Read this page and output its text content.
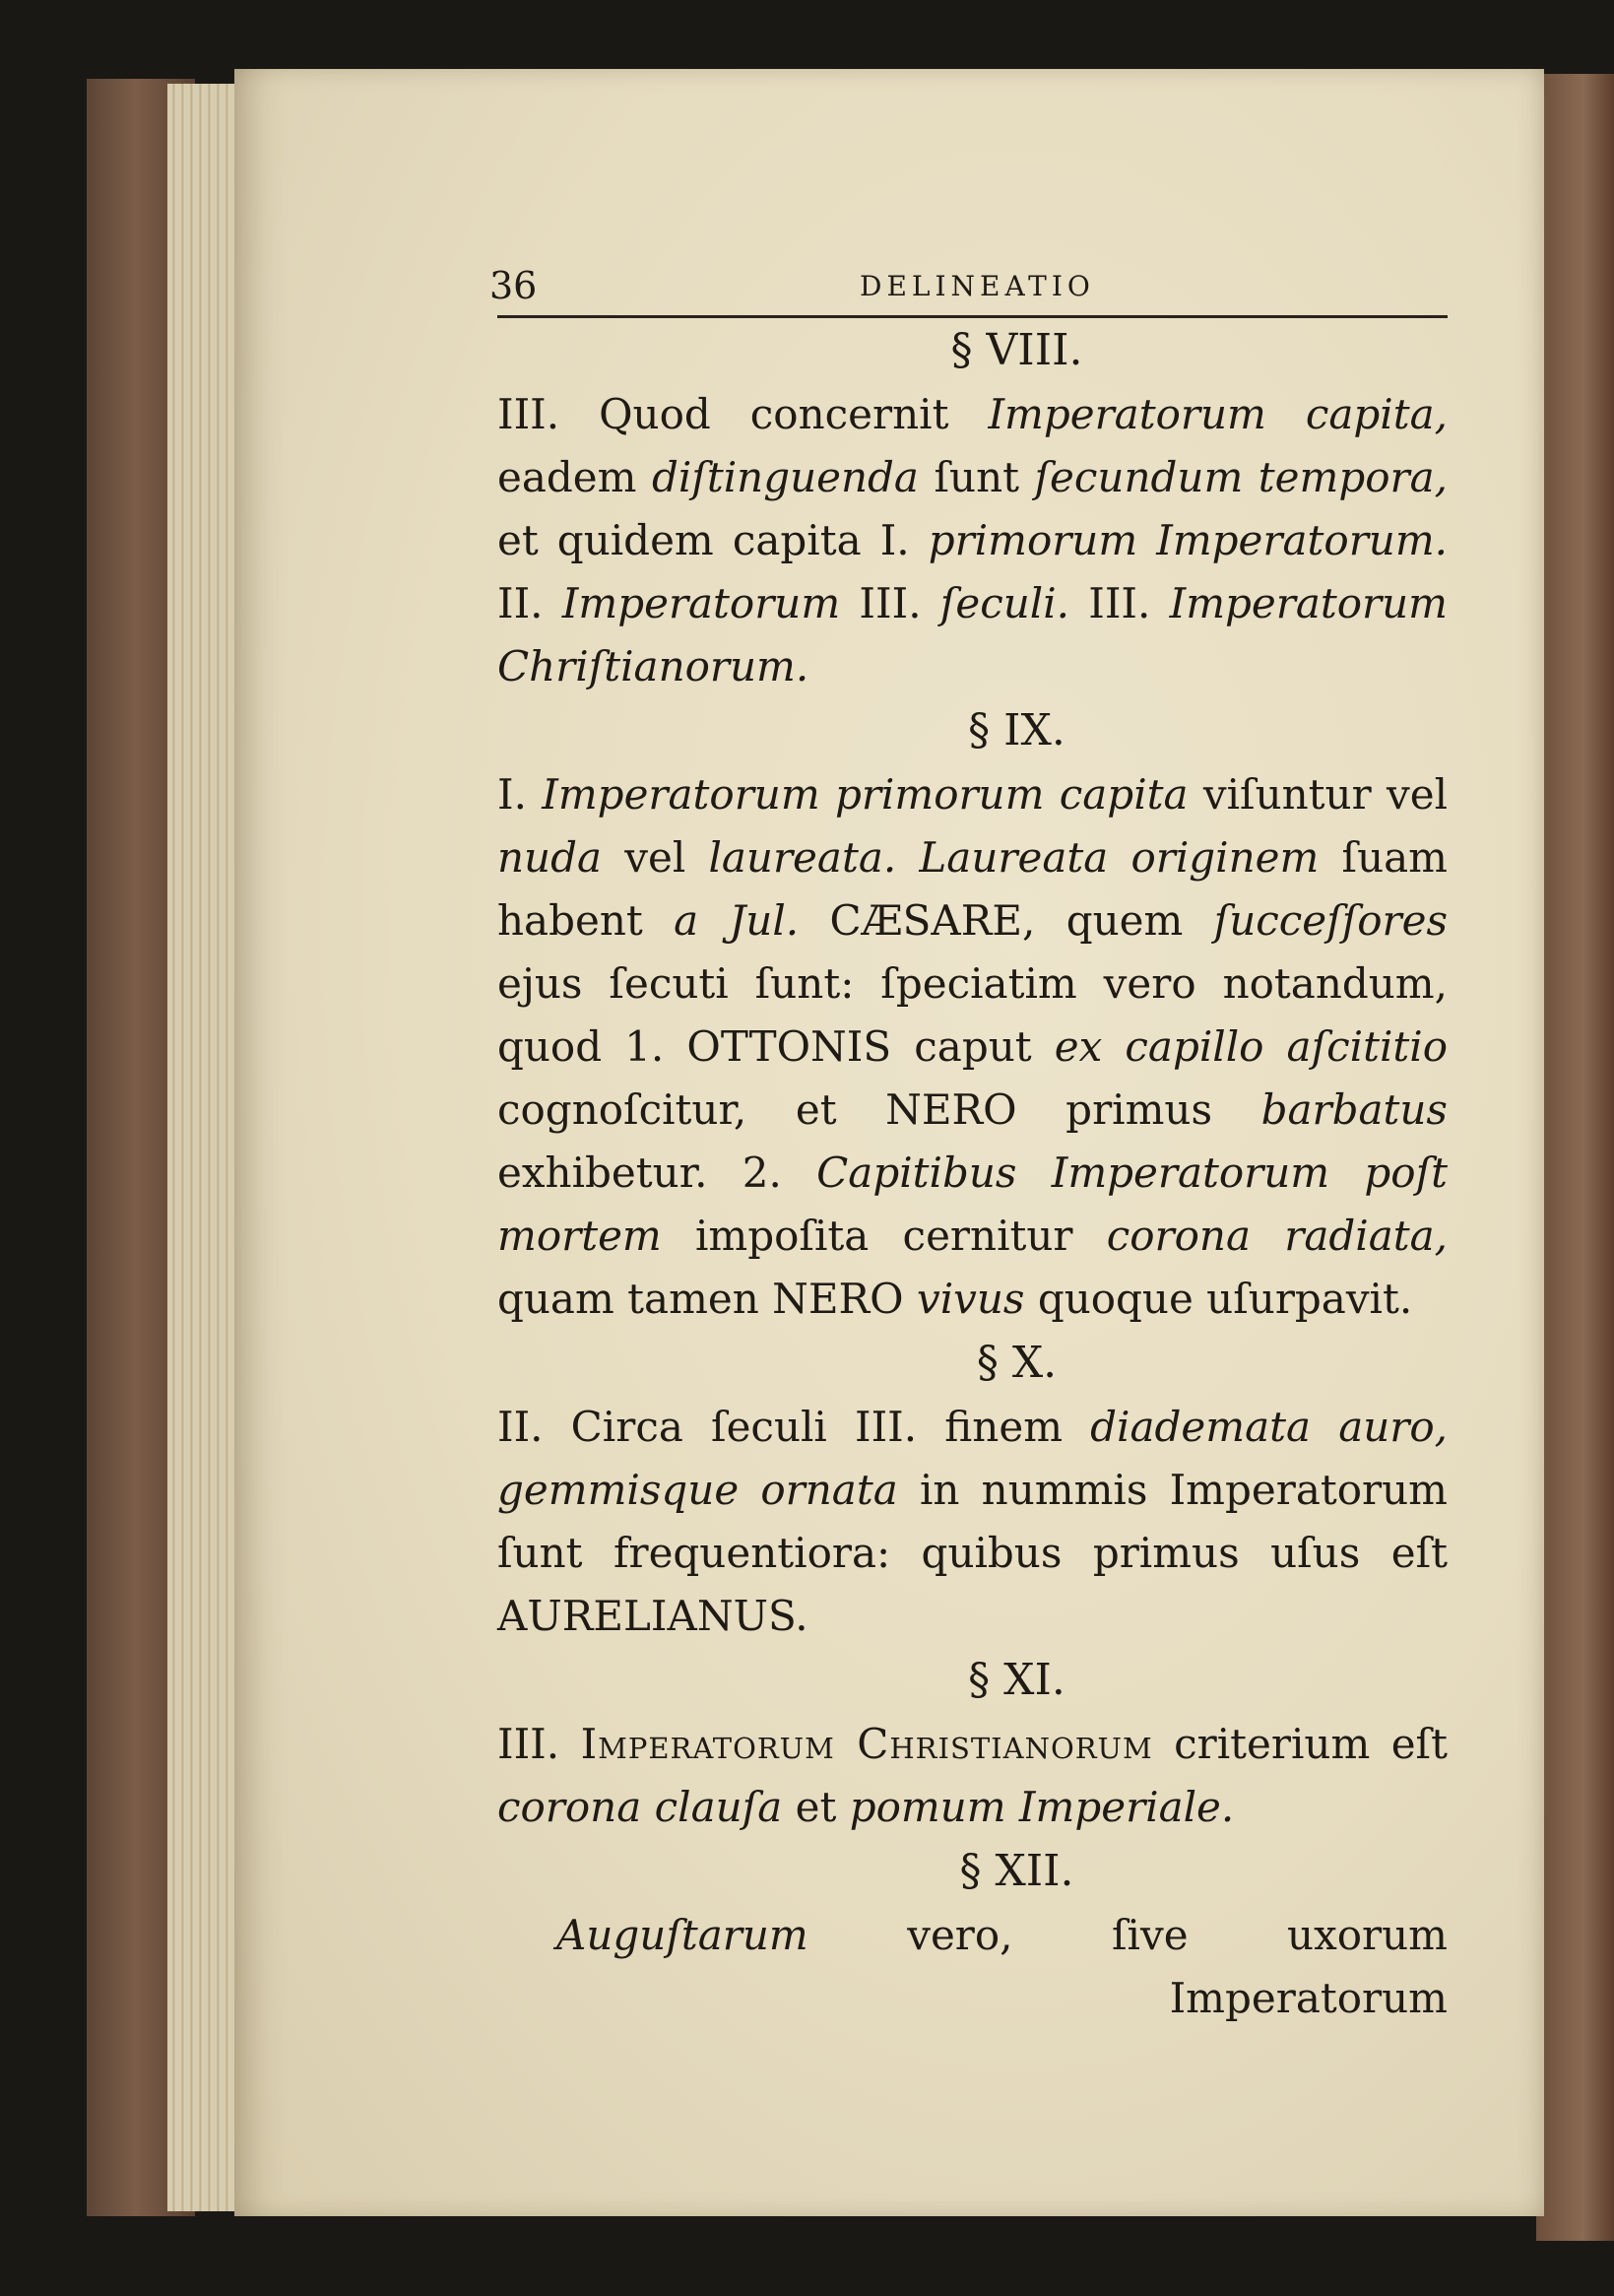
36	DELINEATIO
§ VIII.

III. Quod concernit Imperatorum capita, eadem diſtinguenda ſunt ſecundum tempora, et quidem capita I. primorum Imperatorum. II. Imperatorum III. ſeculi. III. Imperatorum Chriſtianorum.

§ IX.

I. Imperatorum primorum capita viſuntur vel nuda vel laureata. Laureata originem ſuam habent a Jul. CÆSARE, quem ſucceſſores ejus ſecuti ſunt: ſpeciatim vero notandum, quod 1. OTTONIS caput ex capillo aſcititio cognoſcitur, et NERO primus barbatus exhibetur. 2. Capitibus Imperatorum poſt mortem impoſita cernitur corona radiata, quam tamen NERO vivus quoque uſurpavit.

§ X.

II. Circa ſeculi III. finem diademata auro, gemmisque ornata in nummis Imperatorum ſunt frequentiora: quibus primus uſus eſt AURELIANUS.

§ XI.

III. Imperatorum Christianorum criterium eſt corona clauſa et pomum Imperiale.

§ XII.

Auguſtarum vero, ſive uxorum Imperatorum
